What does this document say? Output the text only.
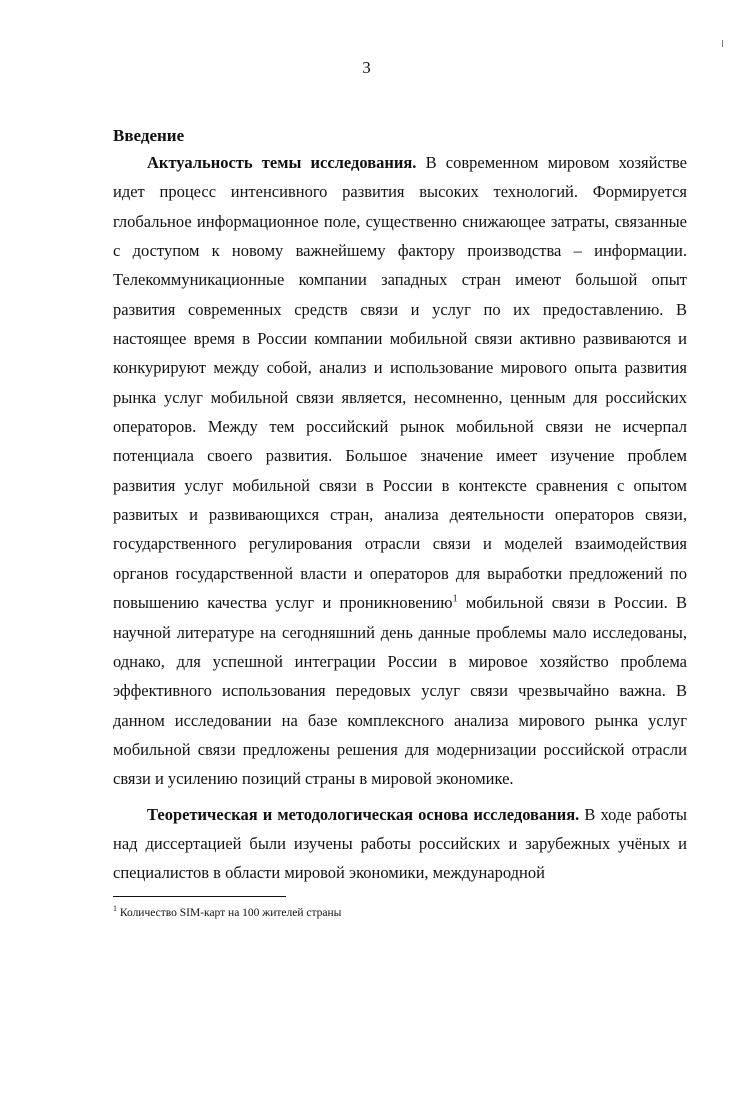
3
Введение

Актуальность темы исследования. В современном мировом хозяйстве идет процесс интенсивного развития высоких технологий. Формируется глобальное информационное поле, существенно снижающее затраты, связанные с доступом к новому важнейшему фактору производства – информации. Телекоммуникационные компании западных стран имеют большой опыт развития современных средств связи и услуг по их предоставлению. В настоящее время в России компании мобильной связи активно развиваются и конкурируют между собой, анализ и использование мирового опыта развития рынка услуг мобильной связи является, несомненно, ценным для российских операторов. Между тем российский рынок мобильной связи не исчерпал потенциала своего развития. Большое значение имеет изучение проблем развития услуг мобильной связи в России в контексте сравнения с опытом развитых и развивающихся стран, анализа деятельности операторов связи, государственного регулирования отрасли связи и моделей взаимодействия органов государственной власти и операторов для выработки предложений по повышению качества услуг и проникновению$^1$ мобильной связи в России. В научной литературе на сегодняшний день данные проблемы мало исследованы, однако, для успешной интеграции России в мировое хозяйство проблема эффективного использования передовых услуг связи чрезвычайно важна. В данном исследовании на базе комплексного анализа мирового рынка услуг мобильной связи предложены решения для модернизации российской отрасли связи и усилению позиций страны в мировой экономике.

Теоретическая и методологическая основа исследования. В ходе работы над диссертацией были изучены работы российских и зарубежных учёных и специалистов в области мировой экономики, международной

$^1$ Количество SIM-карт на 100 жителей страны
